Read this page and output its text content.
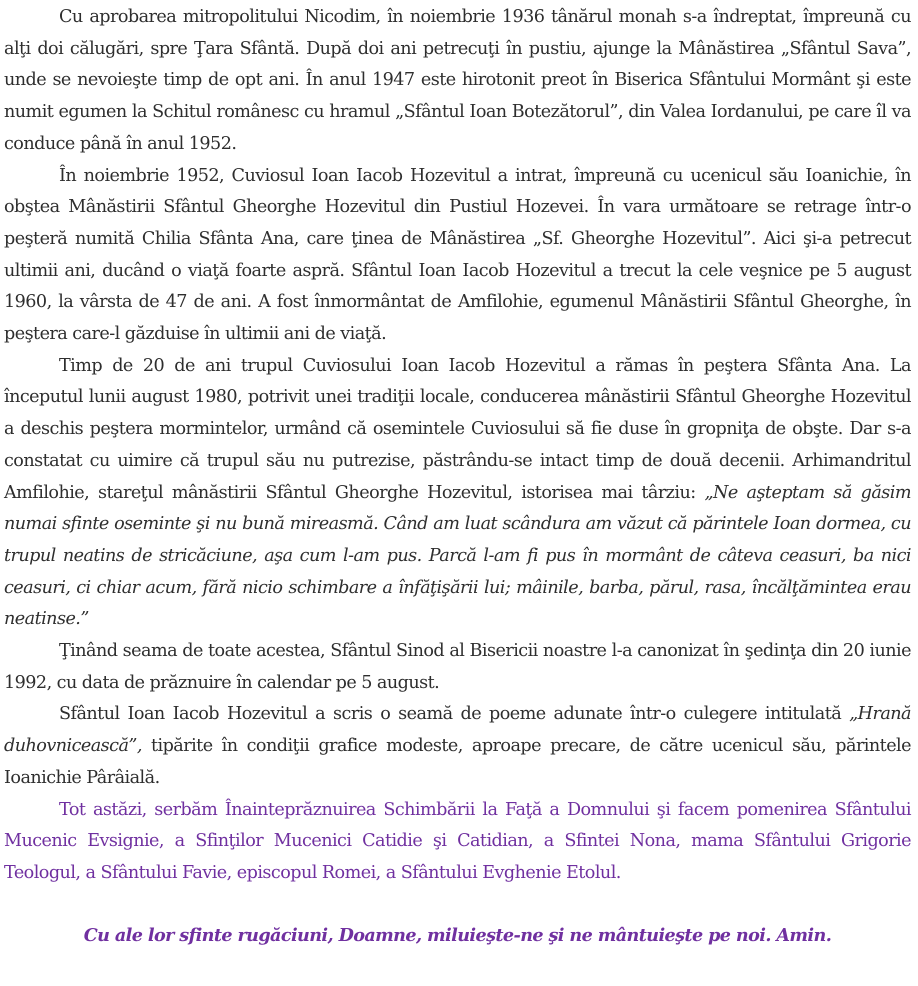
Cu aprobarea mitropolitului Nicodim, în noiembrie 1936 tânărul monah s-a îndreptat, împreună cu alţi doi călugări, spre Ţara Sfântă. După doi ani petrecuţi în pustiu, ajunge la Mânăstirea „Sfântul Sava”, unde se nevoieşte timp de opt ani. În anul 1947 este hirotonit preot în Biserica Sfântului Mormânt şi este numit egumen la Schitul românesc cu hramul „Sfântul Ioan Botezătorul”, din Valea Iordanului, pe care îl va conduce până în anul 1952.

În noiembrie 1952, Cuviosul Ioan Iacob Hozevitul a intrat, împreună cu ucenicul său Ioanichie, în obştea Mânăstirii Sfântul Gheorghe Hozevitul din Pustiul Hozevei. În vara următoare se retrage într-o peşteră numită Chilia Sfânta Ana, care ţinea de Mânăstirea „Sf. Gheorghe Hozevitul”. Aici şi-a petrecut ultimii ani, ducând o viaţă foarte aspră. Sfântul Ioan Iacob Hozevitul a trecut la cele veşnice pe 5 august 1960, la vârsta de 47 de ani. A fost înmormântat de Amfilohie, egumenul Mânăstirii Sfântul Gheorghe, în peştera care-l găzduise în ultimii ani de viaţă.

Timp de 20 de ani trupul Cuviosului Ioan Iacob Hozevitul a rămas în peştera Sfânta Ana. La începutul lunii august 1980, potrivit unei tradiţii locale, conducerea mânăstirii Sfântul Gheorghe Hozevitul a deschis peştera mormintelor, urmând că osemintele Cuviosului să fie duse în gropniţa de obşte. Dar s-a constatat cu uimire că trupul său nu putrezise, păstrându-se intact timp de două decenii. Arhimandritul Amfilohie, stareţul mânăstirii Sfântul Gheorghe Hozevitul, istorisea mai târziu: „Ne aşteptam să găsim numai sfinte oseminte şi nu bună mireasmă. Când am luat scândura am văzut că părintele Ioan dormea, cu trupul neatins de stricăciune, aşa cum l-am pus. Parcă l-am fi pus în mormânt de câteva ceasuri, ba nici ceasuri, ci chiar acum, fără nicio schimbare a înfăţişării lui; mâinile, barba, părul, rasa, încălţămintea erau neatinse.”

Ţinând seama de toate acestea, Sfântul Sinod al Bisericii noastre l-a canonizat în şedinţa din 20 iunie 1992, cu data de prăznuire în calendar pe 5 august.

Sfântul Ioan Iacob Hozevitul a scris o seamă de poeme adunate într-o culegere intitulată „Hrană duhovnicească”, tipărite în condiţii grafice modeste, aproape precare, de către ucenicul său, părintele Ioanichie Pârâială.

Tot astăzi, serbăm Înainteprăznuirea Schimbării la Faţă a Domnului şi facem pomenirea Sfântului Mucenic Evsignie, a Sfinţilor Mucenici Catidie şi Catidian, a Sfintei Nona, mama Sfântului Grigorie Teologul, a Sfântului Favie, episcopul Romei, a Sfântului Evghenie Etolul.

Cu ale lor sfinte rugăciuni, Doamne, miluieşte-ne şi ne mântuieşte pe noi. Amin.
